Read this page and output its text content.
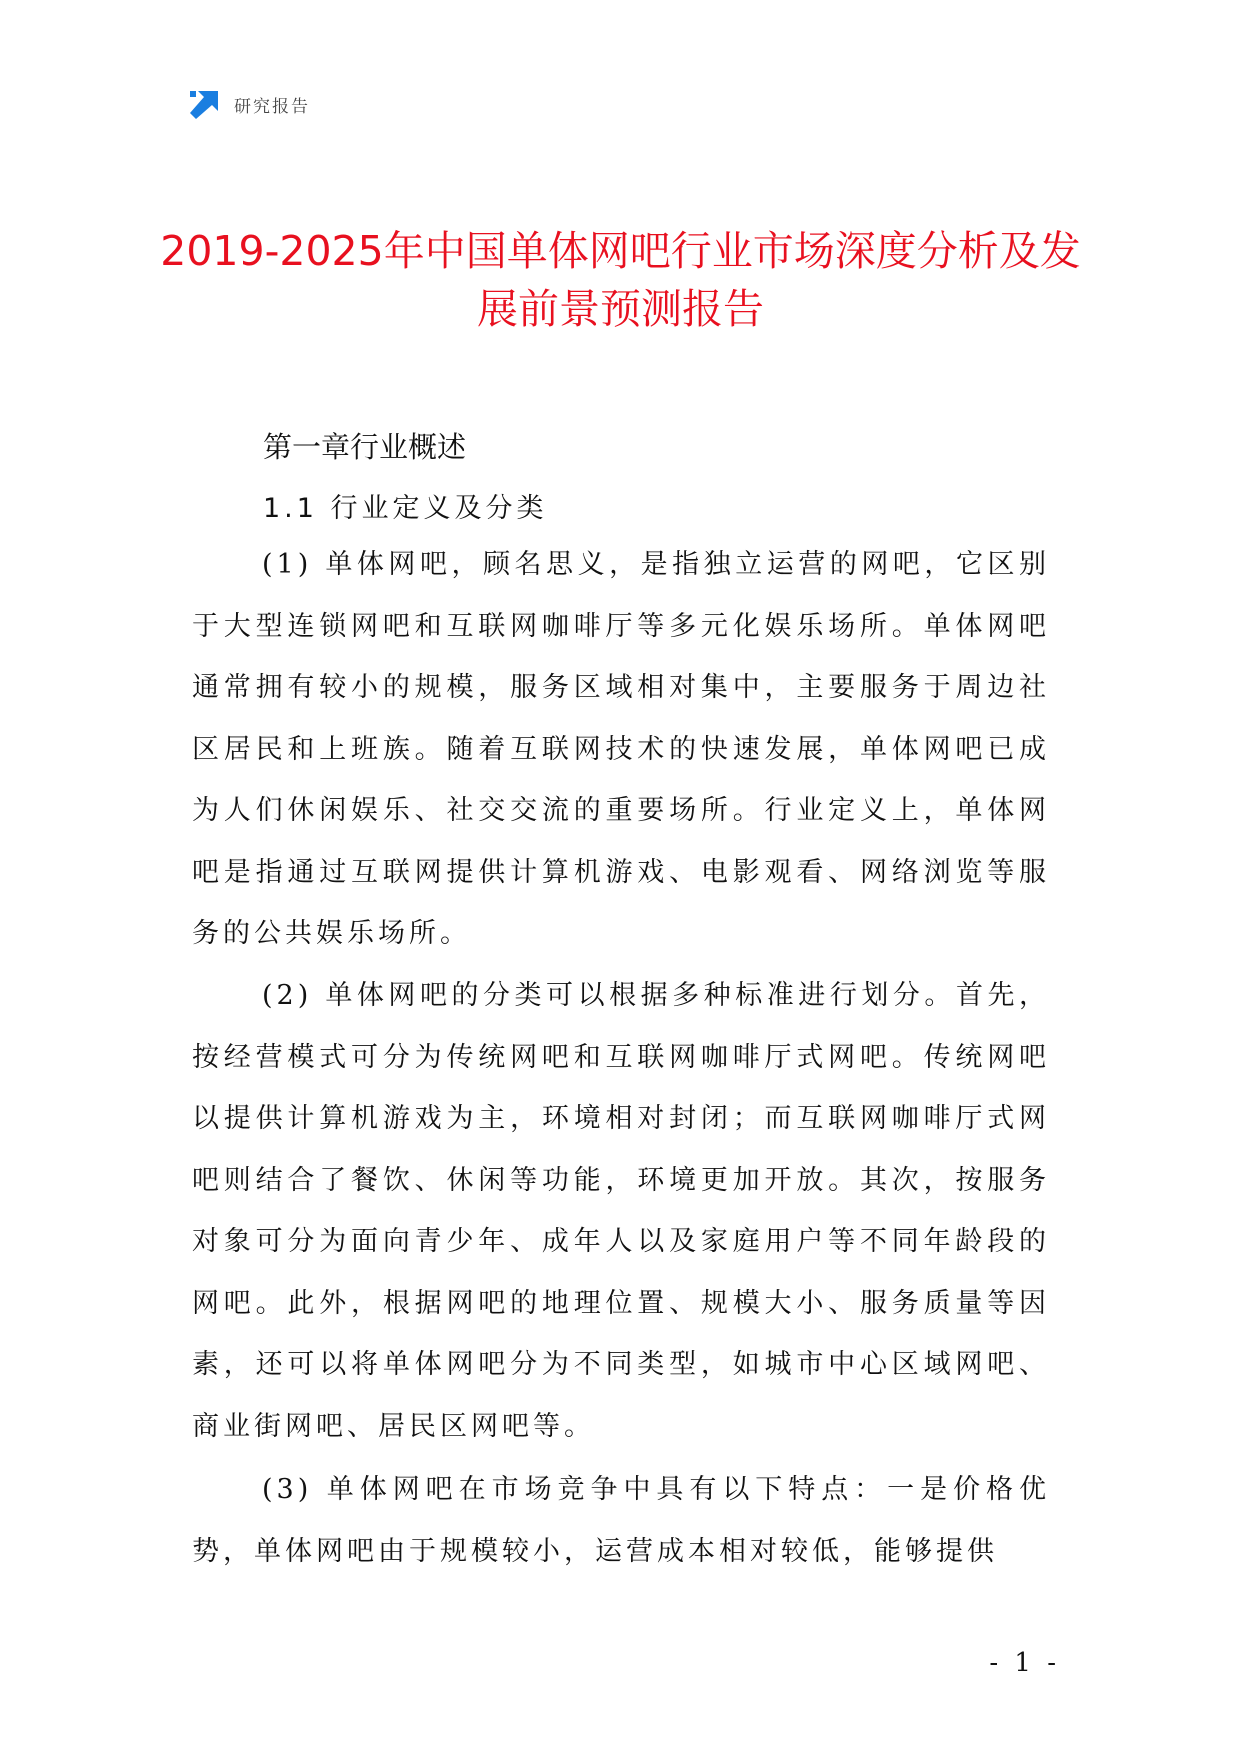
研究报告
2019-2025年中国单体网吧行业市场深度分析及发展前景预测报告
第一章行业概述
1.1 行业定义及分类

(1) 单体网吧，顾名思义，是指独立运营的网吧，它区别于大型连锁网吧和互联网咖啡厅等多元化娱乐场所。单体网吧通常拥有较小的规模，服务区域相对集中，主要服务于周边社区居民和上班族。随着互联网技术的快速发展，单体网吧已成为人们休闲娱乐、社交交流的重要场所。行业定义上，单体网吧是指通过互联网提供计算机游戏、电影观看、网络浏览等服务的公共娱乐场所。

(2) 单体网吧的分类可以根据多种标准进行划分。首先，按经营模式可分为传统网吧和互联网咖啡厅式网吧。传统网吧以提供计算机游戏为主，环境相对封闭；而互联网咖啡厅式网吧则结合了餐饮、休闲等功能，环境更加开放。其次，按服务对象可分为面向青少年、成年人以及家庭用户等不同年龄段的网吧。此外，根据网吧的地理位置、规模大小、服务质量等因素，还可以将单体网吧分为不同类型，如城市中心区域网吧、商业街网吧、居民区网吧等。

(3) 单体网吧在市场竞争中具有以下特点：一是价格优势，单体网吧由于规模较小，运营成本相对较低，能够提供

- 1 -
